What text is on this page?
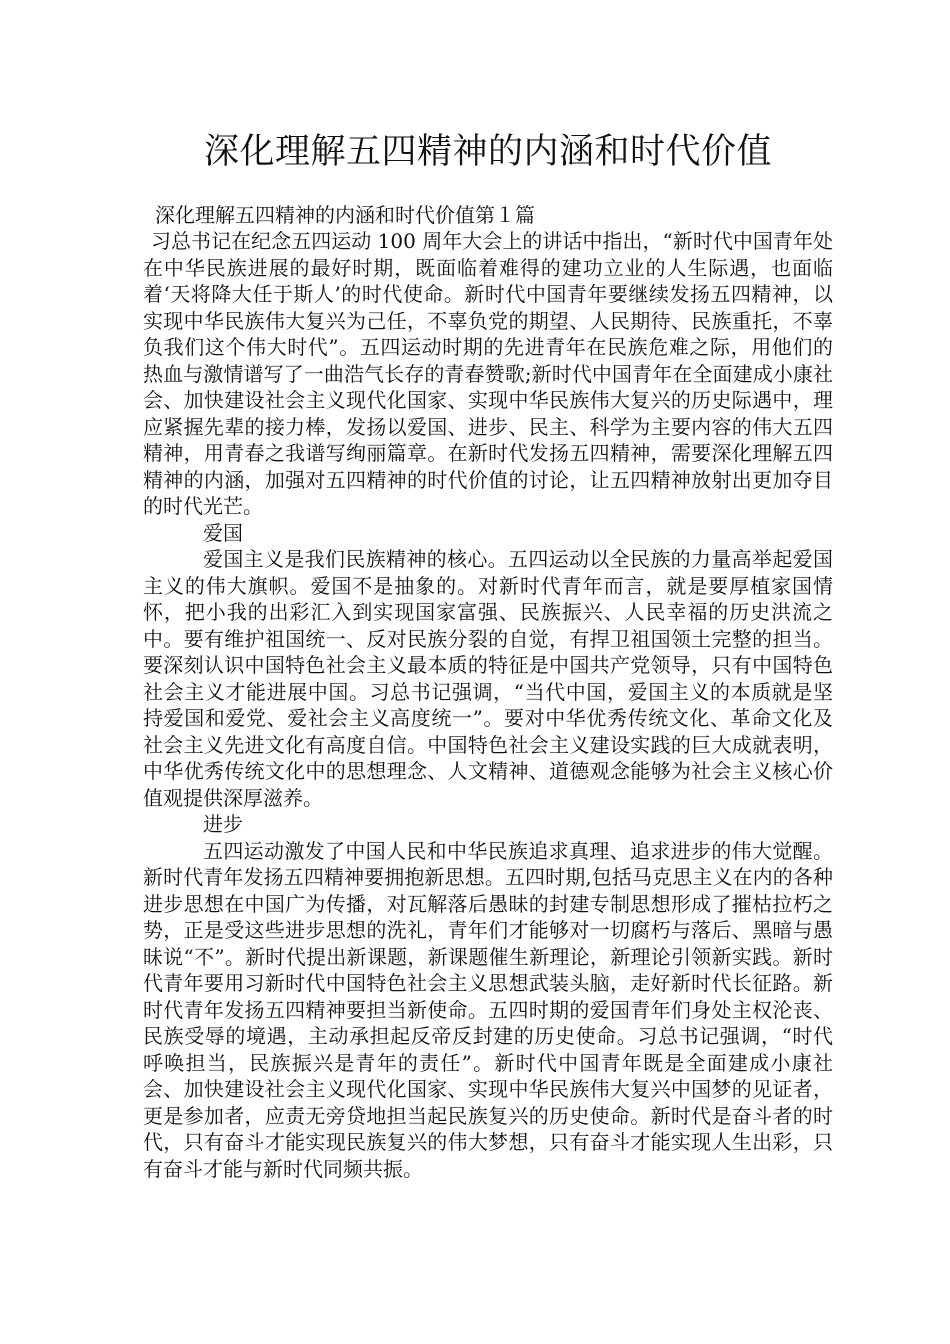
深化理解五四精神的内涵和时代价值

深化理解五四精神的内涵和时代价值第１篇

习总书记在纪念五四运动 100 周年大会上的讲话中指出，“新时代中国青年处在中华民族进展的最好时期，既面临着难得的建功立业的人生际遇，也面临着‘天将降大任于斯人’的时代使命。新时代中国青年要继续发扬五四精神，以实现中华民族伟大复兴为己任，不辜负党的期望、人民期待、民族重托，不辜负我们这个伟大时代”。五四运动时期的先进青年在民族危难之际，用他们的热血与激情谱写了一曲浩气长存的青春赞歌;新时代中国青年在全面建成小康社会、加快建设社会主义现代化国家、实现中华民族伟大复兴的历史际遇中，理应紧握先辈的接力棒，发扬以爱国、进步、民主、科学为主要内容的伟大五四精神，用青春之我谱写绚丽篇章。在新时代发扬五四精神，需要深化理解五四精神的内涵，加强对五四精神的时代价值的讨论，让五四精神放射出更加夺目的时代光芒。

爱国

爱国主义是我们民族精神的核心。五四运动以全民族的力量高举起爱国主义的伟大旗帜。爱国不是抽象的。对新时代青年而言，就是要厚植家国情怀，把小我的出彩汇入到实现国家富强、民族振兴、人民幸福的历史洪流之中。要有维护祖国统一、反对民族分裂的自觉，有捍卫祖国领土完整的担当。要深刻认识中国特色社会主义最本质的特征是中国共产党领导，只有中国特色社会主义才能进展中国。习总书记强调，“当代中国，爱国主义的本质就是坚持爱国和爱党、爱社会主义高度统一”。要对中华优秀传统文化、革命文化及社会主义先进文化有高度自信。中国特色社会主义建设实践的巨大成就表明，中华优秀传统文化中的思想理念、人文精神、道德观念能够为社会主义核心价值观提供深厚滋养。

进步

五四运动激发了中国人民和中华民族追求真理、追求进步的伟大觉醒。新时代青年发扬五四精神要拥抱新思想。五四时期,包括马克思主义在内的各种进步思想在中国广为传播，对瓦解落后愚昧的封建专制思想形成了摧枯拉朽之势，正是受这些进步思想的洗礼，青年们才能够对一切腐朽与落后、黑暗与愚昧说“不”。新时代提出新课题，新课题催生新理论，新理论引领新实践。新时代青年要用习新时代中国特色社会主义思想武装头脑，走好新时代长征路。新时代青年发扬五四精神要担当新使命。五四时期的爱国青年们身处主权沦丧、民族受辱的境遇，主动承担起反帝反封建的历史使命。习总书记强调，“时代呼唤担当，民族振兴是青年的责任”。新时代中国青年既是全面建成小康社会、加快建设社会主义现代化国家、实现中华民族伟大复兴中国梦的见证者，更是参加者，应责无旁贷地担当起民族复兴的历史使命。新时代是奋斗者的时代，只有奋斗才能实现民族复兴的伟大梦想，只有奋斗才能实现人生出彩，只有奋斗才能与新时代同频共振。
